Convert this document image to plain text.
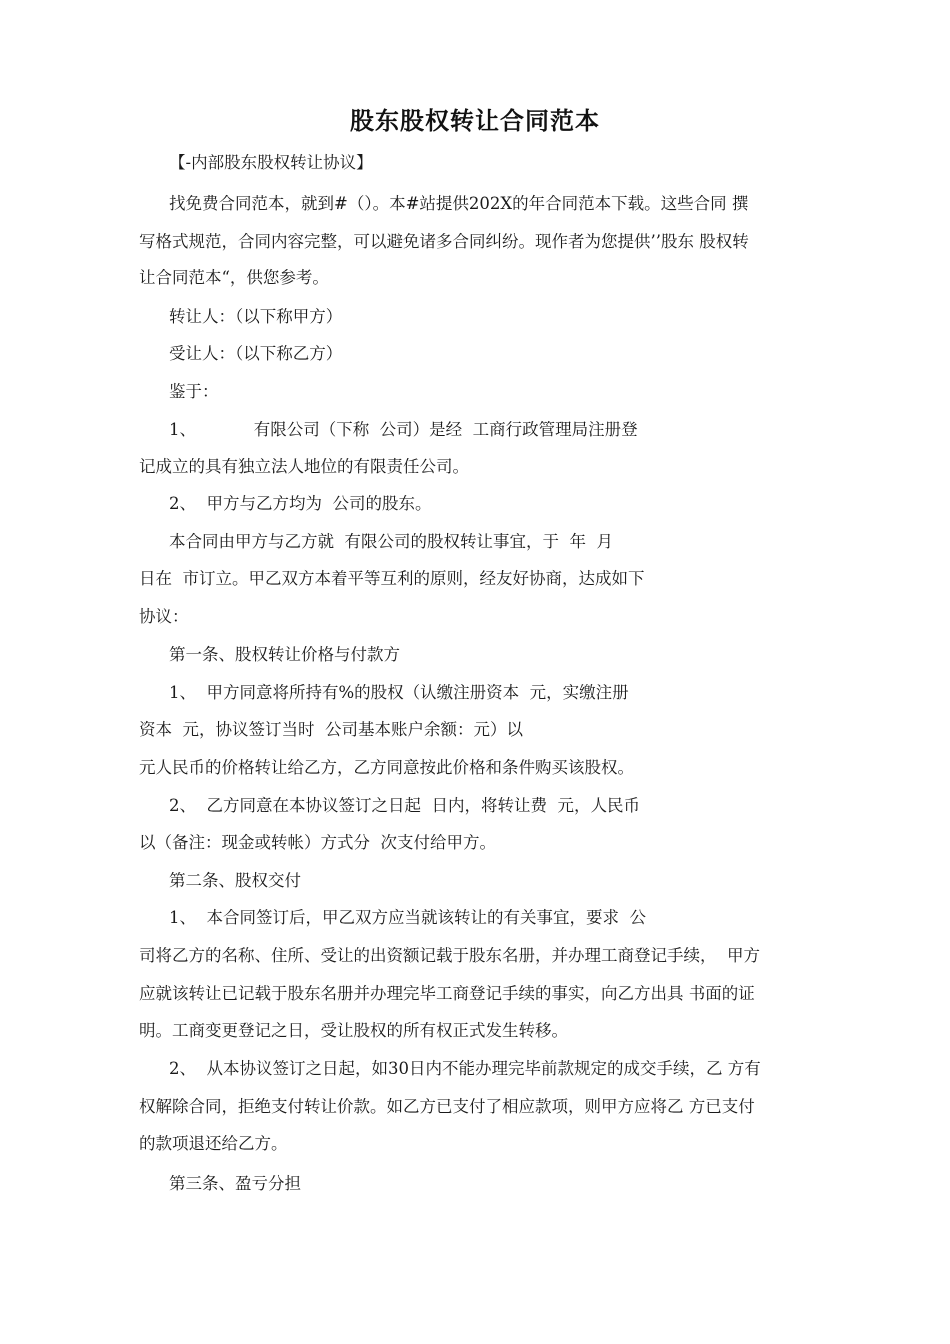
股东股权转让合同范本
【-内部股东股权转让协议】
找免费合同范本，就到#（）。本#站提供202X的年合同范本下载。这些合同 撰
写格式规范，合同内容完整，可以避免诸多合同纠纷。现作者为您提供’’股东 股权转
让合同范本“，供您参考。
转让人：（以下称甲方）
受让人：（以下称乙方）
鉴于：
1、           有限公司（下称  公司）是经  工商行政管理局注册登
记成立的具有独立法人地位的有限责任公司。
2、  甲方与乙方均为  公司的股东。
本合同由甲方与乙方就  有限公司的股权转让事宜，于  年  月
日在  市订立。甲乙双方本着平等互利的原则，经友好协商，达成如下
协议：
第一条、股权转让价格与付款方
1、  甲方同意将所持有%的股权（认缴注册资本  元，实缴注册
资本  元，协议签订当时  公司基本账户余额：元）以
元人民币的价格转让给乙方，乙方同意按此价格和条件购买该股权。
2、  乙方同意在本协议签订之日起  日内，将转让费  元，人民币
以（备注：现金或转帐）方式分  次支付给甲方。
第二条、股权交付
1、  本合同签订后，甲乙双方应当就该转让的有关事宜，要求  公
司将乙方的名称、住所、受让的出资额记载于股东名册，并办理工商登记手续，  甲方
应就该转让已记载于股东名册并办理完毕工商登记手续的事实，向乙方出具 书面的证
明。工商变更登记之日，受让股权的所有权正式发生转移。
2、  从本协议签订之日起，如30日内不能办理完毕前款规定的成交手续，乙 方有
权解除合同，拒绝支付转让价款。如乙方已支付了相应款项，则甲方应将乙 方已支付
的款项退还给乙方。
第三条、盈亏分担
